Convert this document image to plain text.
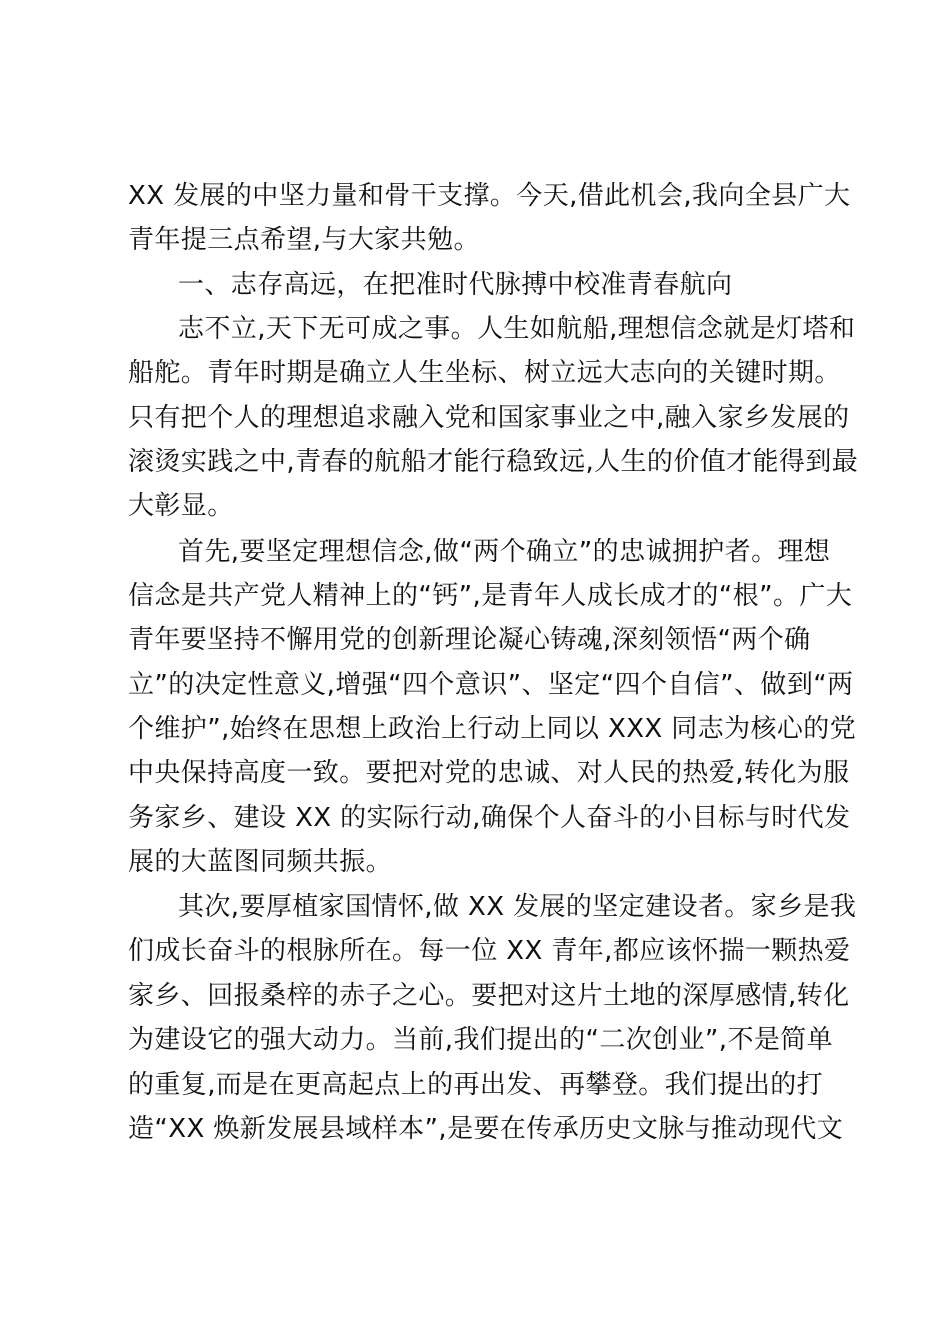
XX 发展的中坚力量和骨干支撑。今天,借此机会,我向全县广大
青年提三点希望,与大家共勉。
一、志存高远，在把准时代脉搏中校准青春航向
志不立,天下无可成之事。人生如航船,理想信念就是灯塔和
船舵。青年时期是确立人生坐标、树立远大志向的关键时期。
只有把个人的理想追求融入党和国家事业之中,融入家乡发展的
滚烫实践之中,青春的航船才能行稳致远,人生的价值才能得到最
大彰显。
首先,要坚定理想信念,做“两个确立”的忠诚拥护者。理想
信念是共产党人精神上的“钙”,是青年人成长成才的“根”。广大
青年要坚持不懈用党的创新理论凝心铸魂,深刻领悟“两个确
立”的决定性意义,增强“四个意识”、坚定“四个自信”、做到“两
个维护”,始终在思想上政治上行动上同以 XXX 同志为核心的党
中央保持高度一致。要把对党的忠诚、对人民的热爱,转化为服
务家乡、建设 XX 的实际行动,确保个人奋斗的小目标与时代发
展的大蓝图同频共振。
其次,要厚植家国情怀,做 XX 发展的坚定建设者。家乡是我
们成长奋斗的根脉所在。每一位 XX 青年,都应该怀揣一颗热爱
家乡、回报桑梓的赤子之心。要把对这片土地的深厚感情,转化
为建设它的强大动力。当前,我们提出的“二次创业”,不是简单
的重复,而是在更高起点上的再出发、再攀登。我们提出的打
造“XX 焕新发展县域样本”,是要在传承历史文脉与推动现代文
